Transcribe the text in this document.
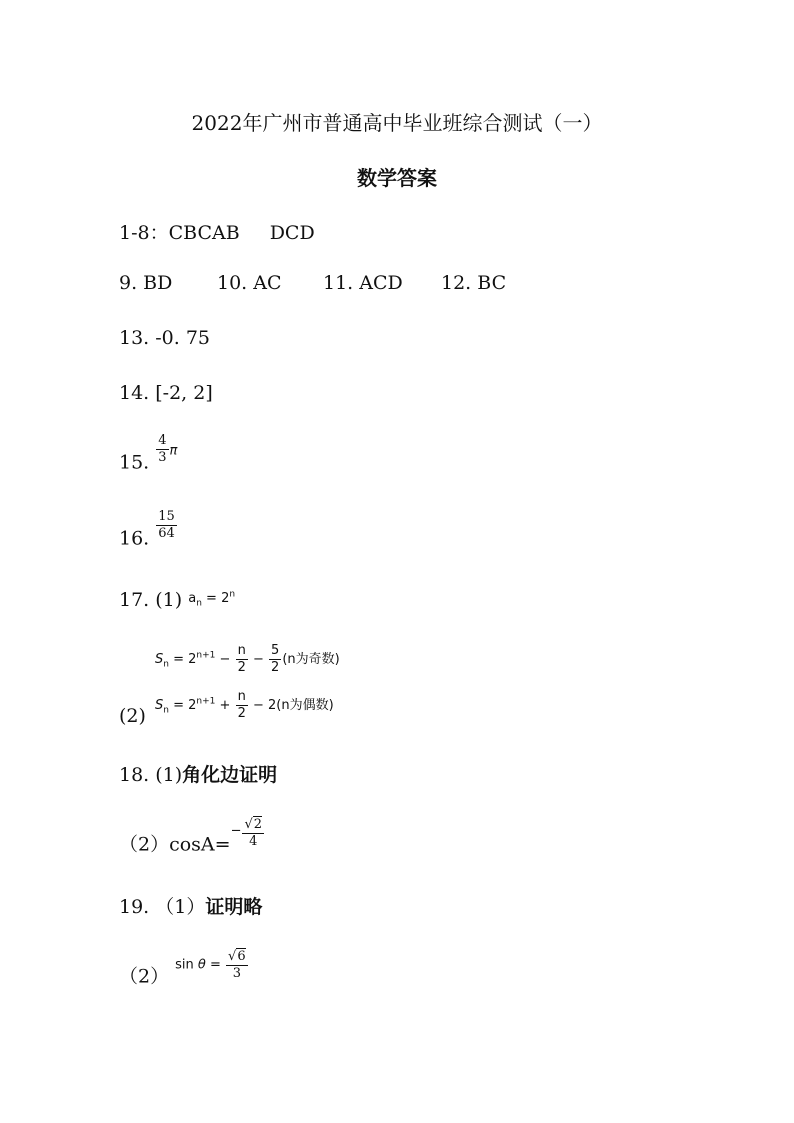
2022年广州市普通高中毕业班综合测试（一）
数学答案
1-8：CBCAB DCD
9. BD 10. AC 11. ACD 12. BC
13. -0. 75
14. [-2, 2]
15. $\frac{4}{3}$ π
16. $\frac{15}{64}$
17. (1) $^{a_n = 2^n}$
$S_n = 2^{n+1} - \frac{n}{2} - \frac{5}{2} (n$为奇数)
(2) $S_n = 2^{n+1} + \frac{n}{2} - 2(n$为偶数)
18. (1)角化边证明
$(2)\cos A=^- \frac{√2}{4}$
19. （1）证明略
（2） $\sin \theta = \frac{√6}{3}$
